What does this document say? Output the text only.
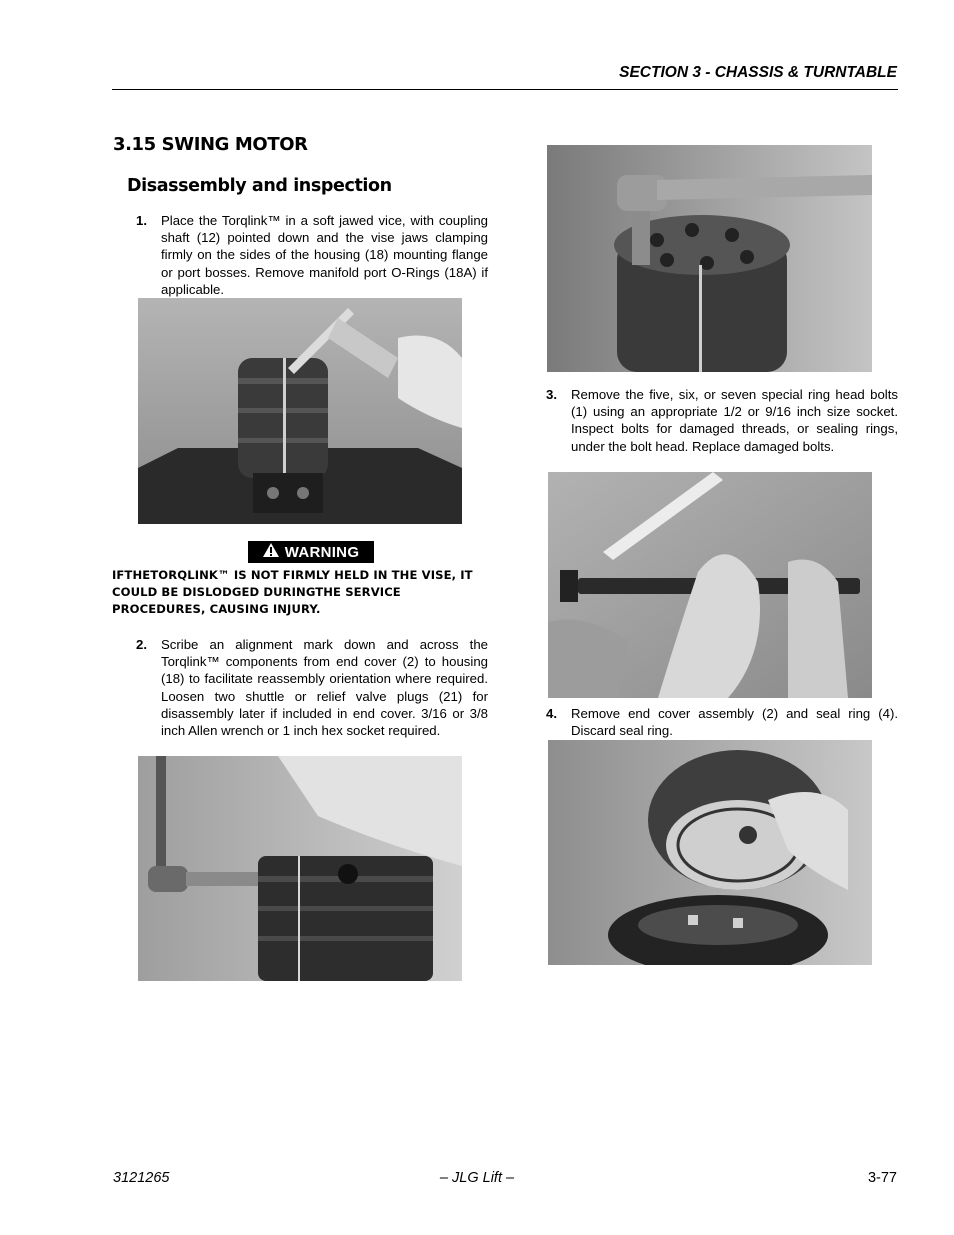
SECTION 3 - CHASSIS & TURNTABLE
3.15 SWING MOTOR
Disassembly and inspection
1. Place the Torqlink™ in a soft jawed vice, with coupling shaft (12) pointed down and the vise jaws clamping firmly on the sides of the housing (18) mounting flange or port bosses. Remove manifold port O-Rings (18A) if applicable.
WARNING
IFTHETORQLINK™ IS NOT FIRMLY HELD IN THE VISE, IT COULD BE DISLODGED DURINGTHE SERVICE PROCEDURES, CAUSING INJURY.
2. Scribe an alignment mark down and across the Torqlink™ components from end cover (2) to housing (18) to facilitate reassembly orientation where required. Loosen two shuttle or relief valve plugs (21) for disassembly later if included in end cover. 3/16 or 3/8 inch Allen wrench or 1 inch hex socket required.
3. Remove the five, six, or seven special ring head bolts (1) using an appropriate 1/2 or 9/16 inch size socket. Inspect bolts for damaged threads, or sealing rings, under the bolt head. Replace damaged bolts.
4. Remove end cover assembly (2) and seal ring (4). Discard seal ring.
3121265	– JLG Lift –	3-77
